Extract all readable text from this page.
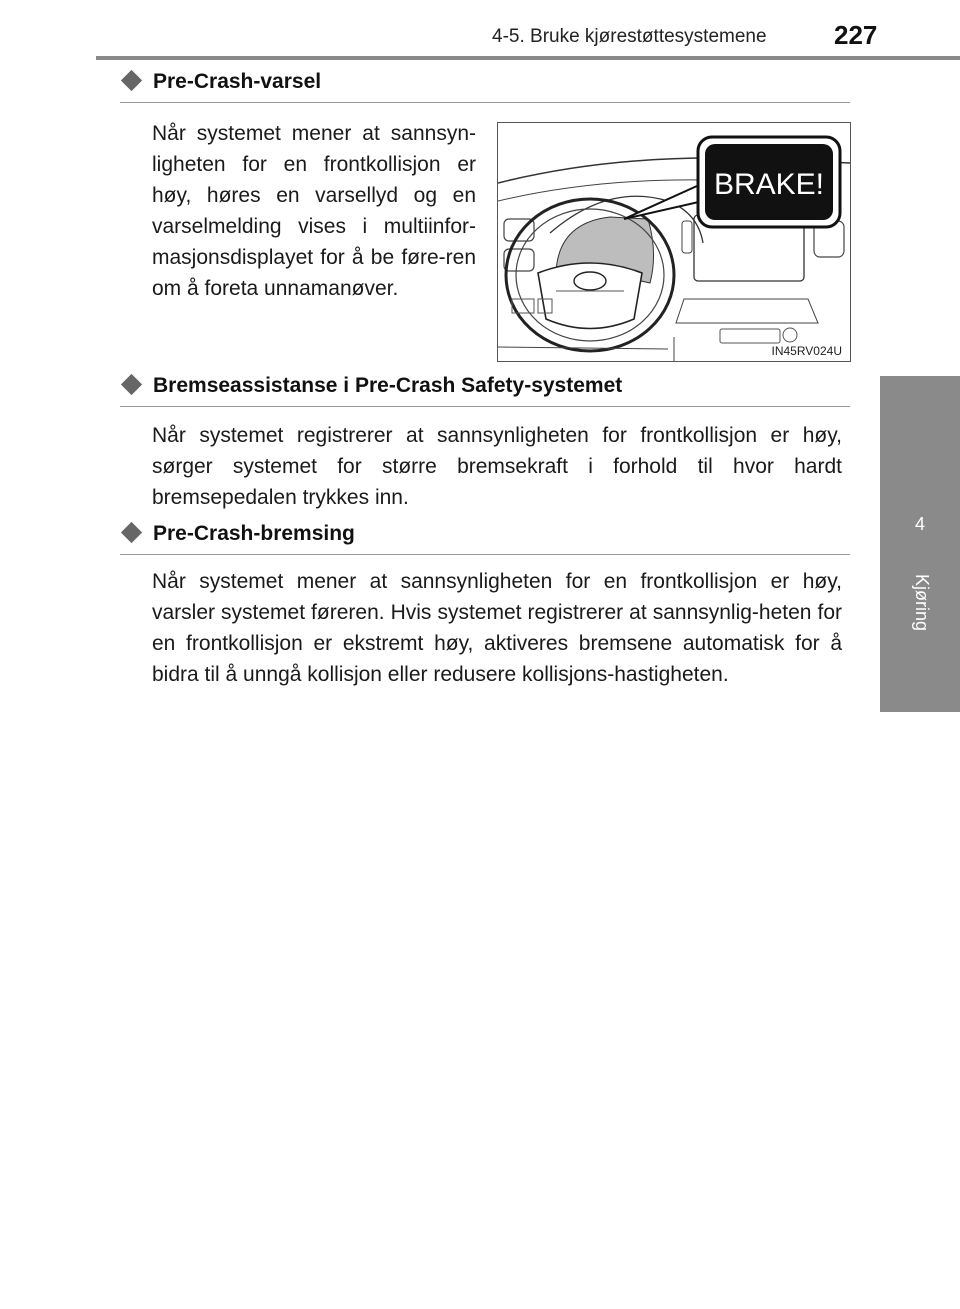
4-5. Bruke kjørestøttesystemene	227
4
Kjøring
Pre-Crash-varsel
Når systemet mener at sannsyn-ligheten for en frontkollisjon er høy, høres en varsellyd og en varselmelding vises i multiinfor-masjonsdisplayet for å be føre-ren om å foreta unnamanøver.
BRAKE!
IN45RV024U
Bremseassistanse i Pre-Crash Safety-systemet
Når systemet registrerer at sannsynligheten for frontkollisjon er høy, sørger systemet for større bremsekraft i forhold til hvor hardt bremsepedalen trykkes inn.
Pre-Crash-bremsing
Når systemet mener at sannsynligheten for en frontkollisjon er høy, varsler systemet føreren. Hvis systemet registrerer at sannsynlig-heten for en frontkollisjon er ekstremt høy, aktiveres bremsene automatisk for å bidra til å unngå kollisjon eller redusere kollisjons-hastigheten.
